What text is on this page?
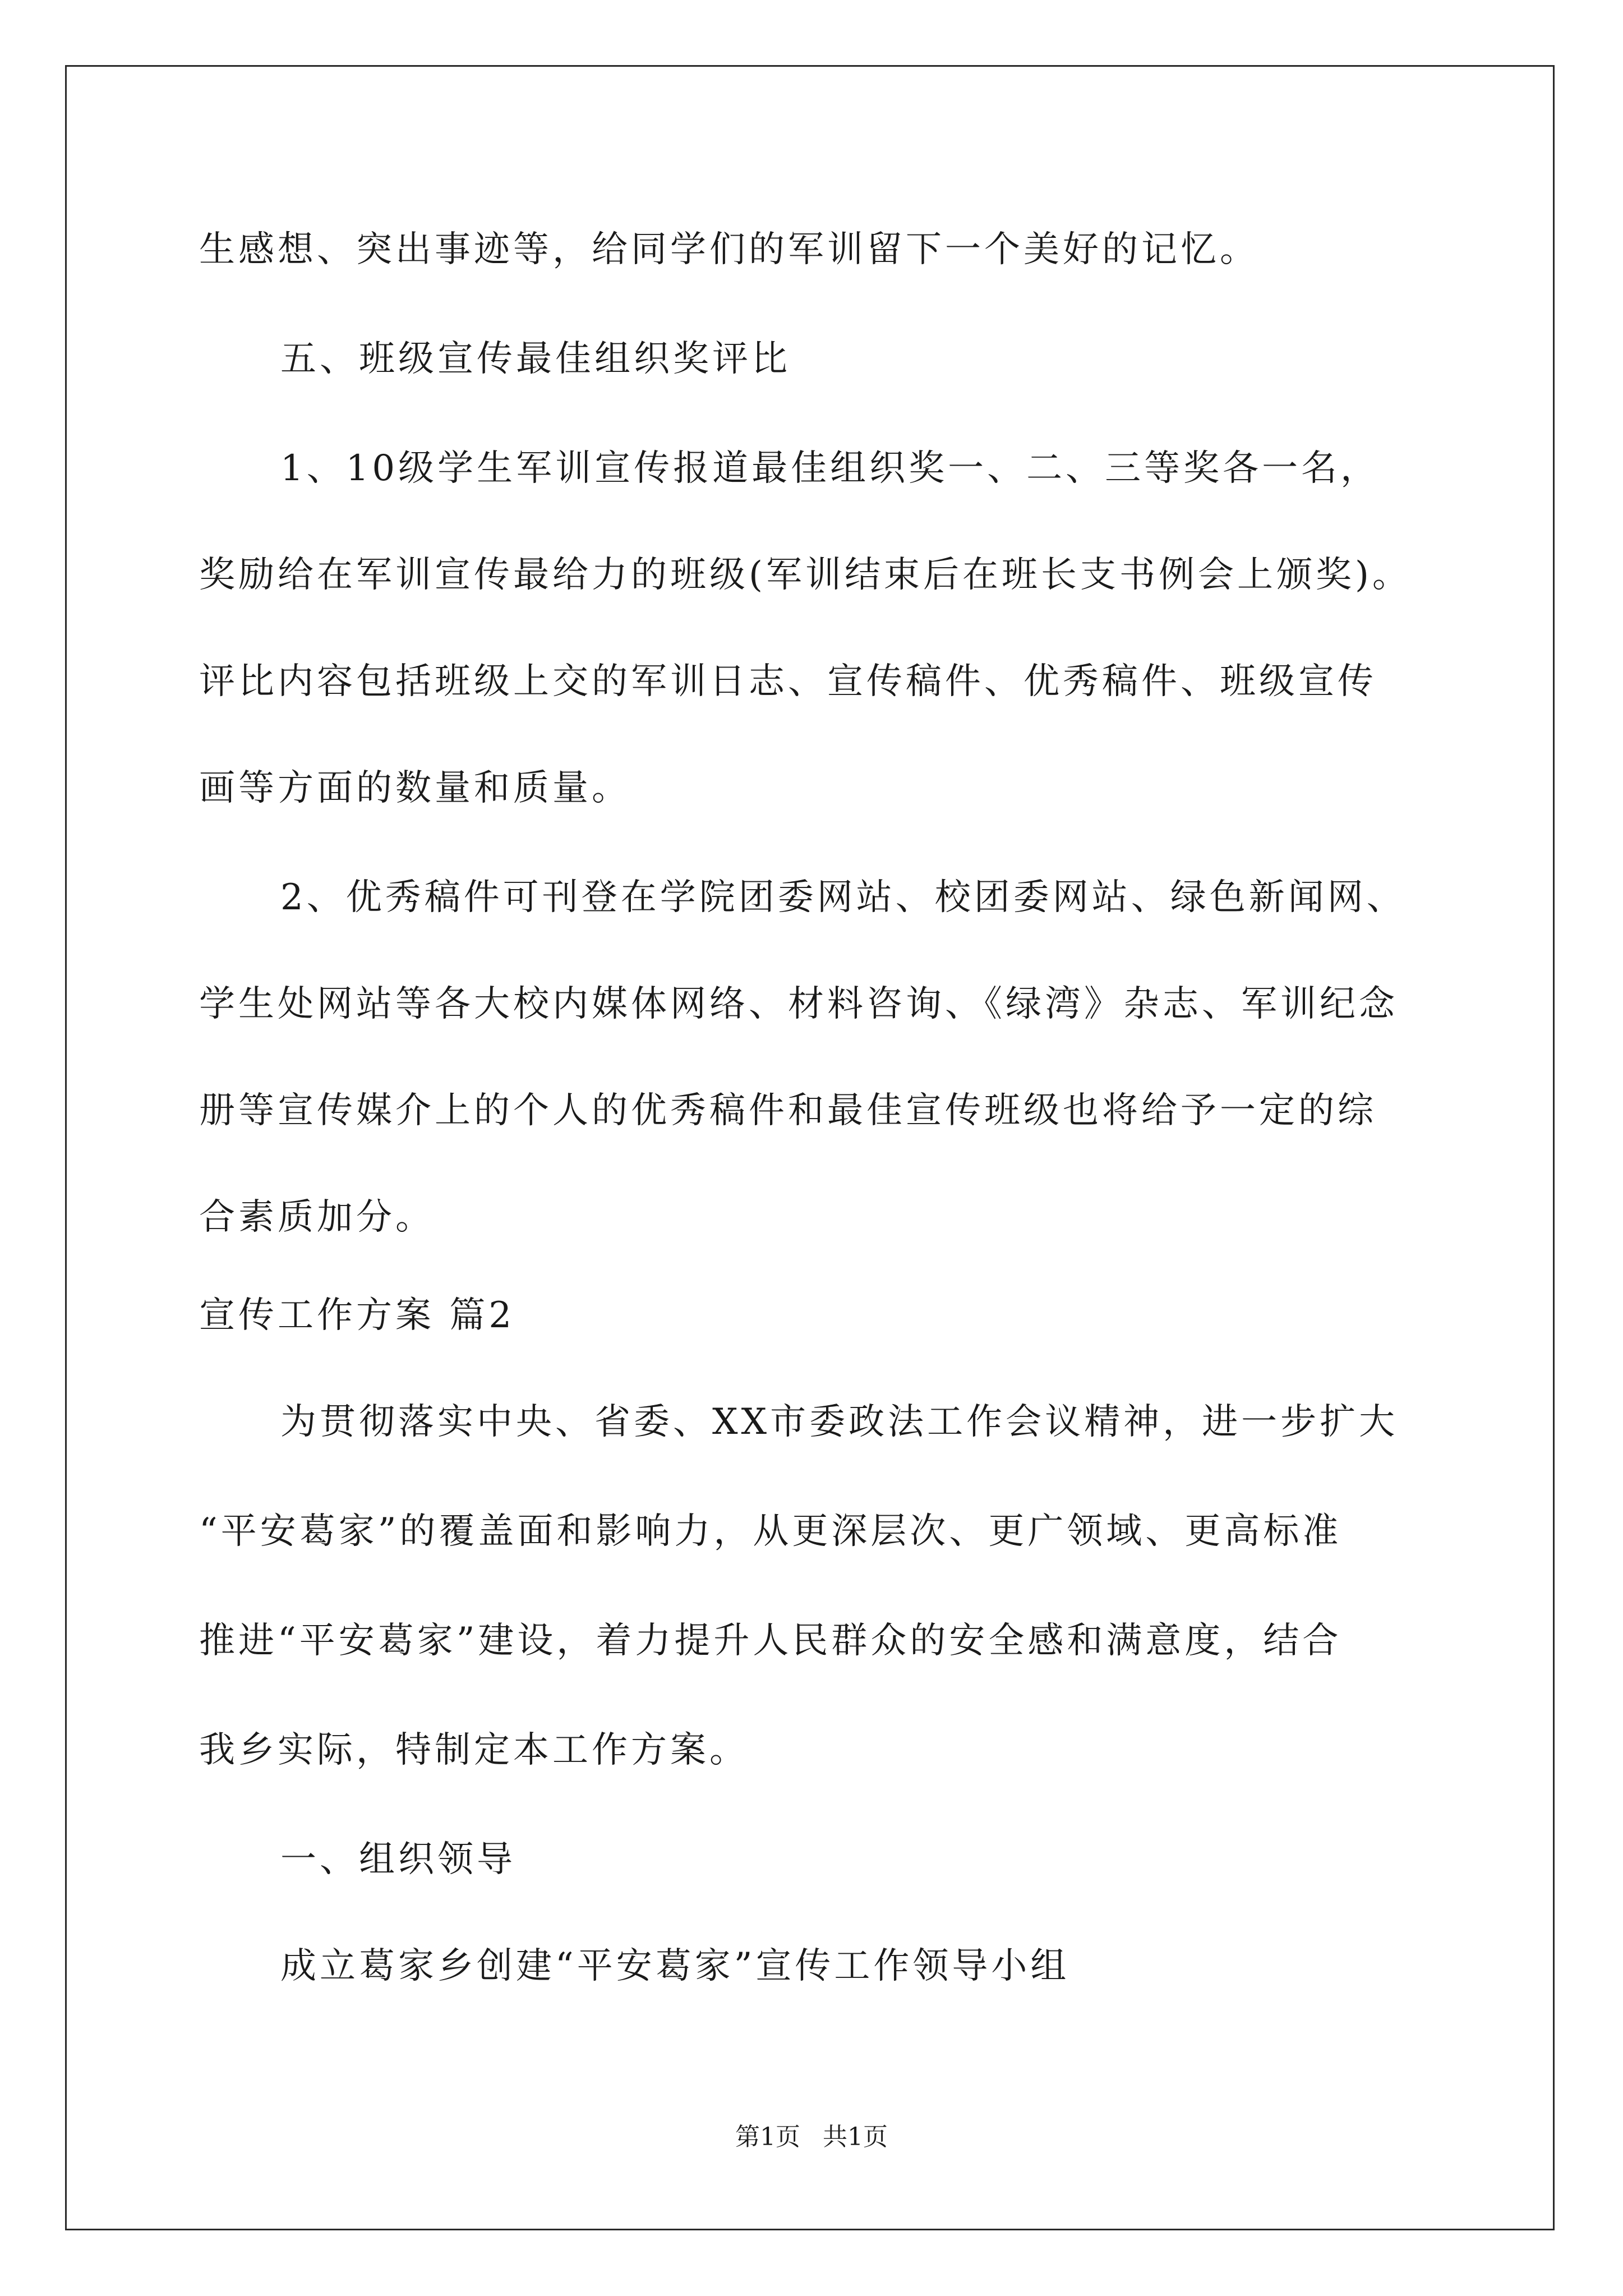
生感想、突出事迹等，给同学们的军训留下一个美好的记忆。
五、班级宣传最佳组织奖评比
1、10级学生军训宣传报道最佳组织奖一、二、三等奖各一名，
奖励给在军训宣传最给力的班级(军训结束后在班长支书例会上颁奖)。
评比内容包括班级上交的军训日志、宣传稿件、优秀稿件、班级宣传
画等方面的数量和质量。
2、优秀稿件可刊登在学院团委网站、校团委网站、绿色新闻网、
学生处网站等各大校内媒体网络、材料咨询、《绿湾》杂志、军训纪念
册等宣传媒介上的个人的优秀稿件和最佳宣传班级也将给予一定的综
合素质加分。
宣传工作方案 篇2
为贯彻落实中央、省委、XX市委政法工作会议精神，进一步扩大
“平安葛家”的覆盖面和影响力，从更深层次、更广领域、更高标准
推进“平安葛家”建设，着力提升人民群众的安全感和满意度，结合
我乡实际，特制定本工作方案。
一、组织领导
成立葛家乡创建“平安葛家”宣传工作领导小组
第1页 共1页
